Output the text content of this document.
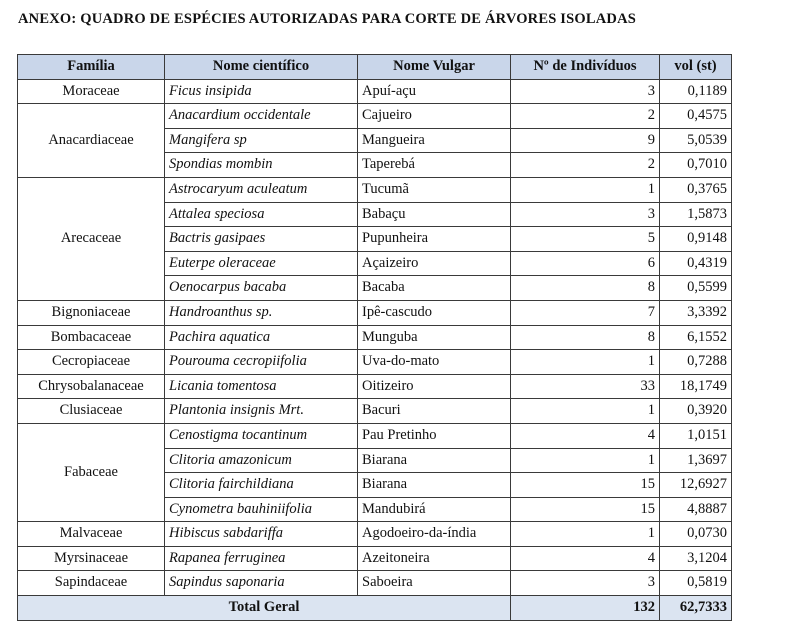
ANEXO: QUADRO DE ESPÉCIES AUTORIZADAS PARA CORTE DE ÁRVORES ISOLADAS
Família	Nome científico	Nome Vulgar	Nº de Indivíduos	vol (st)
Moraceae	Ficus insipida	Apuí-açu	3	0,1189
Anacardiaceae	Anacardium occidentale	Cajueiro	2	0,4575
	Mangifera sp	Mangueira	9	5,0539
	Spondias mombin	Taperebá	2	0,7010
Arecaceae	Astrocaryum aculeatum	Tucumã	1	0,3765
	Attalea speciosa	Babaçu	3	1,5873
	Bactris gasipaes	Pupunheira	5	0,9148
	Euterpe oleraceae	Açaizeiro	6	0,4319
	Oenocarpus bacaba	Bacaba	8	0,5599
Bignoniaceae	Handroanthus sp.	Ipê-cascudo	7	3,3392
Bombacaceae	Pachira aquatica	Munguba	8	6,1552
Cecropiaceae	Pourouma cecropiifolia	Uva-do-mato	1	0,7288
Chrysobalanaceae	Licania tomentosa	Oitizeiro	33	18,1749
Clusiaceae	Plantonia insignis Mrt.	Bacuri	1	0,3920
Fabaceae	Cenostigma tocantinum	Pau Pretinho	4	1,0151
	Clitoria amazonicum	Biarana	1	1,3697
	Clitoria fairchildiana	Biarana	15	12,6927
	Cynometra bauhiniifolia	Mandubirá	15	4,8887
Malvaceae	Hibiscus sabdariffa	Agodoeiro-da-índia	1	0,0730
Myrsinaceae	Rapanea ferruginea	Azeitoneira	4	3,1204
Sapindaceae	Sapindus saponaria	Saboeira	3	0,5819
Total Geral			132	62,7333
